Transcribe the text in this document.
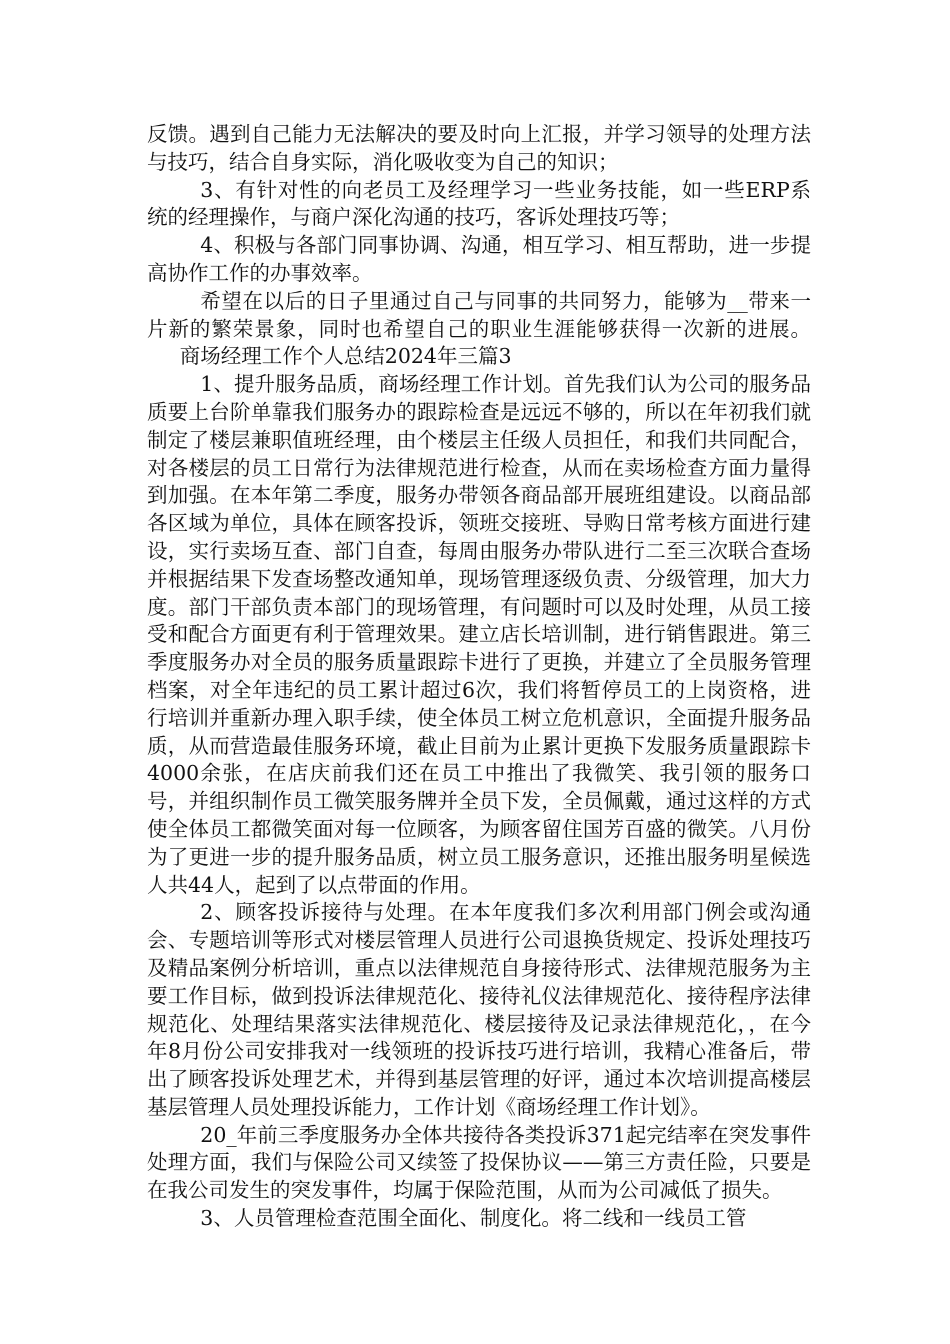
反馈。遇到自己能力无法解决的要及时向上汇报，并学习领导的处理方法与技巧，结合自身实际，消化吸收变为自己的知识；

3、有针对性的向老员工及经理学习一些业务技能，如一些ERP系统的经理操作，与商户深化沟通的技巧，客诉处理技巧等；

4、积极与各部门同事协调、沟通，相互学习、相互帮助，进一步提高协作工作的办事效率。

希望在以后的日子里通过自己与同事的共同努力，能够为__带来一片新的繁荣景象，同时也希望自己的职业生涯能够获得一次新的进展。商场经理工作个人总结2024年三篇3

1、提升服务品质，商场经理工作计划。首先我们认为公司的服务品质要上台阶单靠我们服务办的跟踪检查是远远不够的，所以在年初我们就制定了楼层兼职值班经理，由个楼层主任级人员担任，和我们共同配合，对各楼层的员工日常行为法律规范进行检查，从而在卖场检查方面力量得到加强。在本年第二季度，服务办带领各商品部开展班组建设。以商品部各区域为单位，具体在顾客投诉，领班交接班、导购日常考核方面进行建设，实行卖场互查、部门自查，每周由服务办带队进行二至三次联合查场并根据结果下发查场整改通知单，现场管理逐级负责、分级管理，加大力度。部门干部负责本部门的现场管理，有问题时可以及时处理，从员工接受和配合方面更有利于管理效果。建立店长培训制，进行销售跟进。第三季度服务办对全员的服务质量跟踪卡进行了更换，并建立了全员服务管理档案，对全年违纪的员工累计超过6次，我们将暂停员工的上岗资格，进行培训并重新办理入职手续，使全体员工树立危机意识，全面提升服务品质，从而营造最佳服务环境，截止目前为止累计更换下发服务质量跟踪卡4000余张，在店庆前我们还在员工中推出了我微笑、我引领的服务口号，并组织制作员工微笑服务牌并全员下发，全员佩戴，通过这样的方式使全体员工都微笑面对每一位顾客，为顾客留住国芳百盛的微笑。八月份为了更进一步的提升服务品质，树立员工服务意识，还推出服务明星候选人共44人，起到了以点带面的作用。

2、顾客投诉接待与处理。在本年度我们多次利用部门例会或沟通会、专题培训等形式对楼层管理人员进行公司退换货规定、投诉处理技巧及精品案例分析培训，重点以法律规范自身接待形式、法律规范服务为主要工作目标，做到投诉法律规范化、接待礼仪法律规范化、接待程序法律规范化、处理结果落实法律规范化、楼层接待及记录法律规范化，，在今年8月份公司安排我对一线领班的投诉技巧进行培训，我精心准备后，带出了顾客投诉处理艺术，并得到基层管理的好评，通过本次培训提高楼层基层管理人员处理投诉能力，工作计划《商场经理工作计划》。

20_年前三季度服务办全体共接待各类投诉371起完结率在突发事件处理方面，我们与保险公司又续签了投保协议——第三方责任险，只要是在我公司发生的突发事件，均属于保险范围，从而为公司减低了损失。

3、人员管理检查范围全面化、制度化。将二线和一线员工管
